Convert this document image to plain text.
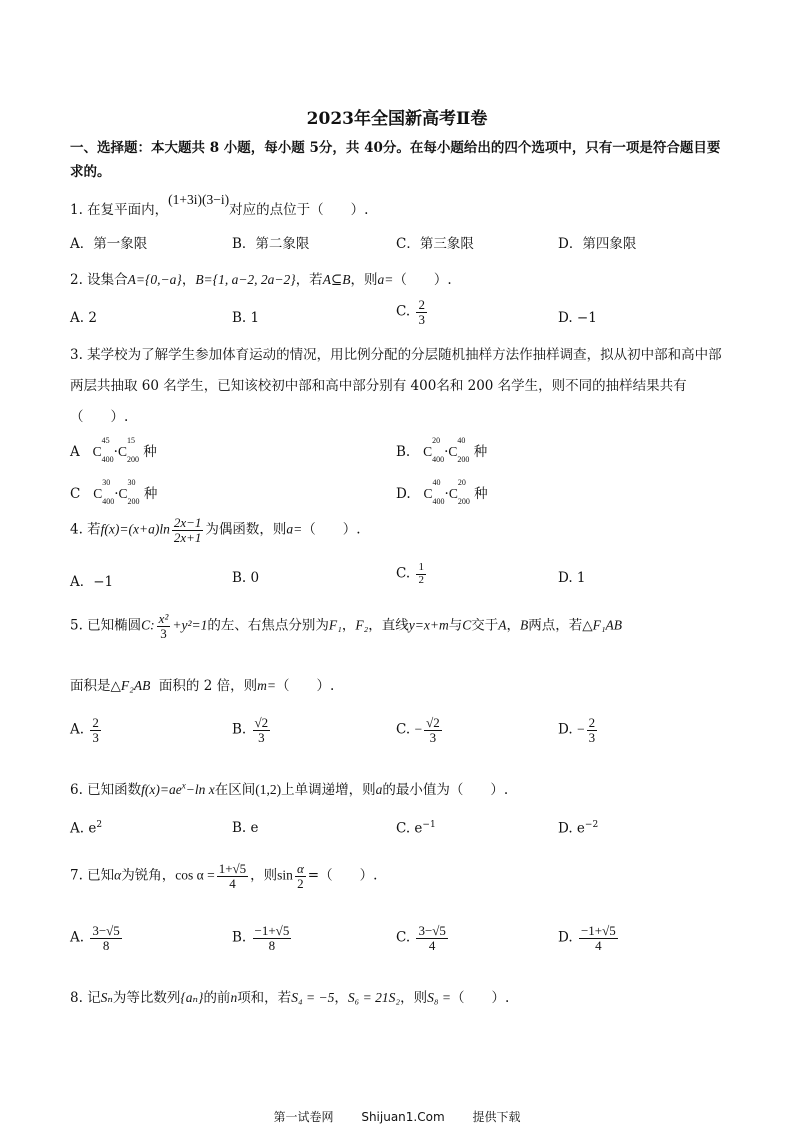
2023年全国新高考Ⅱ卷
一、选择题：本大题共 8 小题，每小题 5分，共 40分。在每小题给出的四个选项中，只有一项是符合题目要求的。
1. 在复平面内，(1+3i)(3−i)对应的点位于（　　）.
A．第一象限	B．第二象限	C．第三象限	D．第四象限
2. 设集合A={0,−a}，B={1, a−2, 2a−2}，若A⊆B，则a=（　　）.
A. 2	B. 1	C. $\frac{2}{3}$	D. −1
3. 某学校为了解学生参加体育运动的情况，用比例分配的分层随机抽样方法作抽样调查，拟从初中部和高中部两层共抽取 60 名学生，已知该校初中部和高中部分别有 400名和 200 名学生，则不同的抽样结果共有（　　）.
A C
45
$_{400}$·C
15
$_{200}$ 种	B. C
20
$_{400}$·C
40
$_{200}$ 种
C C
30
$_{400}$·C
30
$_{200}$ 种	D. C
40
$_{400}$·C
20
$_{200}$ 种
4. 若$f(x)=(x+a)\ln \frac{2x-1}{2x+1}$ 为偶函数，则a=（　　）.
A．−1	B. 0	C. $\frac{1}{2}$	D. 1
5. 已知椭圆C: $\frac{\text{x²}}{3} +y^2=1$的左、右焦点分别为F₁，F₂，直线y=x+m与C交于A，B两点，若△F₁AB
面积是△F₂AB 面积的 2 倍，则m=（　　）.
A. $\frac{2}{3}$	B. $\frac{√2}{3}$	C. − $\frac{√2}{3}$	D. − $\frac{2}{3}$
6. 已知函数$f(x)=ae^x-\ln$ x在区间(1,2)上单调递增，则a的最小值为（　　）.
A. $e^2$	B. e	C. $e^{-1}$	D. $e^{-2}$
7. 已知α为锐角，$\cos \alpha = \frac{1+√5}{4}$ ，则$\sin \frac{\alpha}{2}$ =（　　）.
A. $\frac{3-√5}{8}$	B. $\frac{-1+√5}{8}$	C. $\frac{3-√5}{4}$	D. $\frac{-1+√5}{4}$
8. 记Sₙ为等比数列{aₙ}的前n项和，若S₄ = −5，S₆ = 21S₂，则S₈ =（　　）.
第一试卷网 Shijuan1.Com 提供下载
